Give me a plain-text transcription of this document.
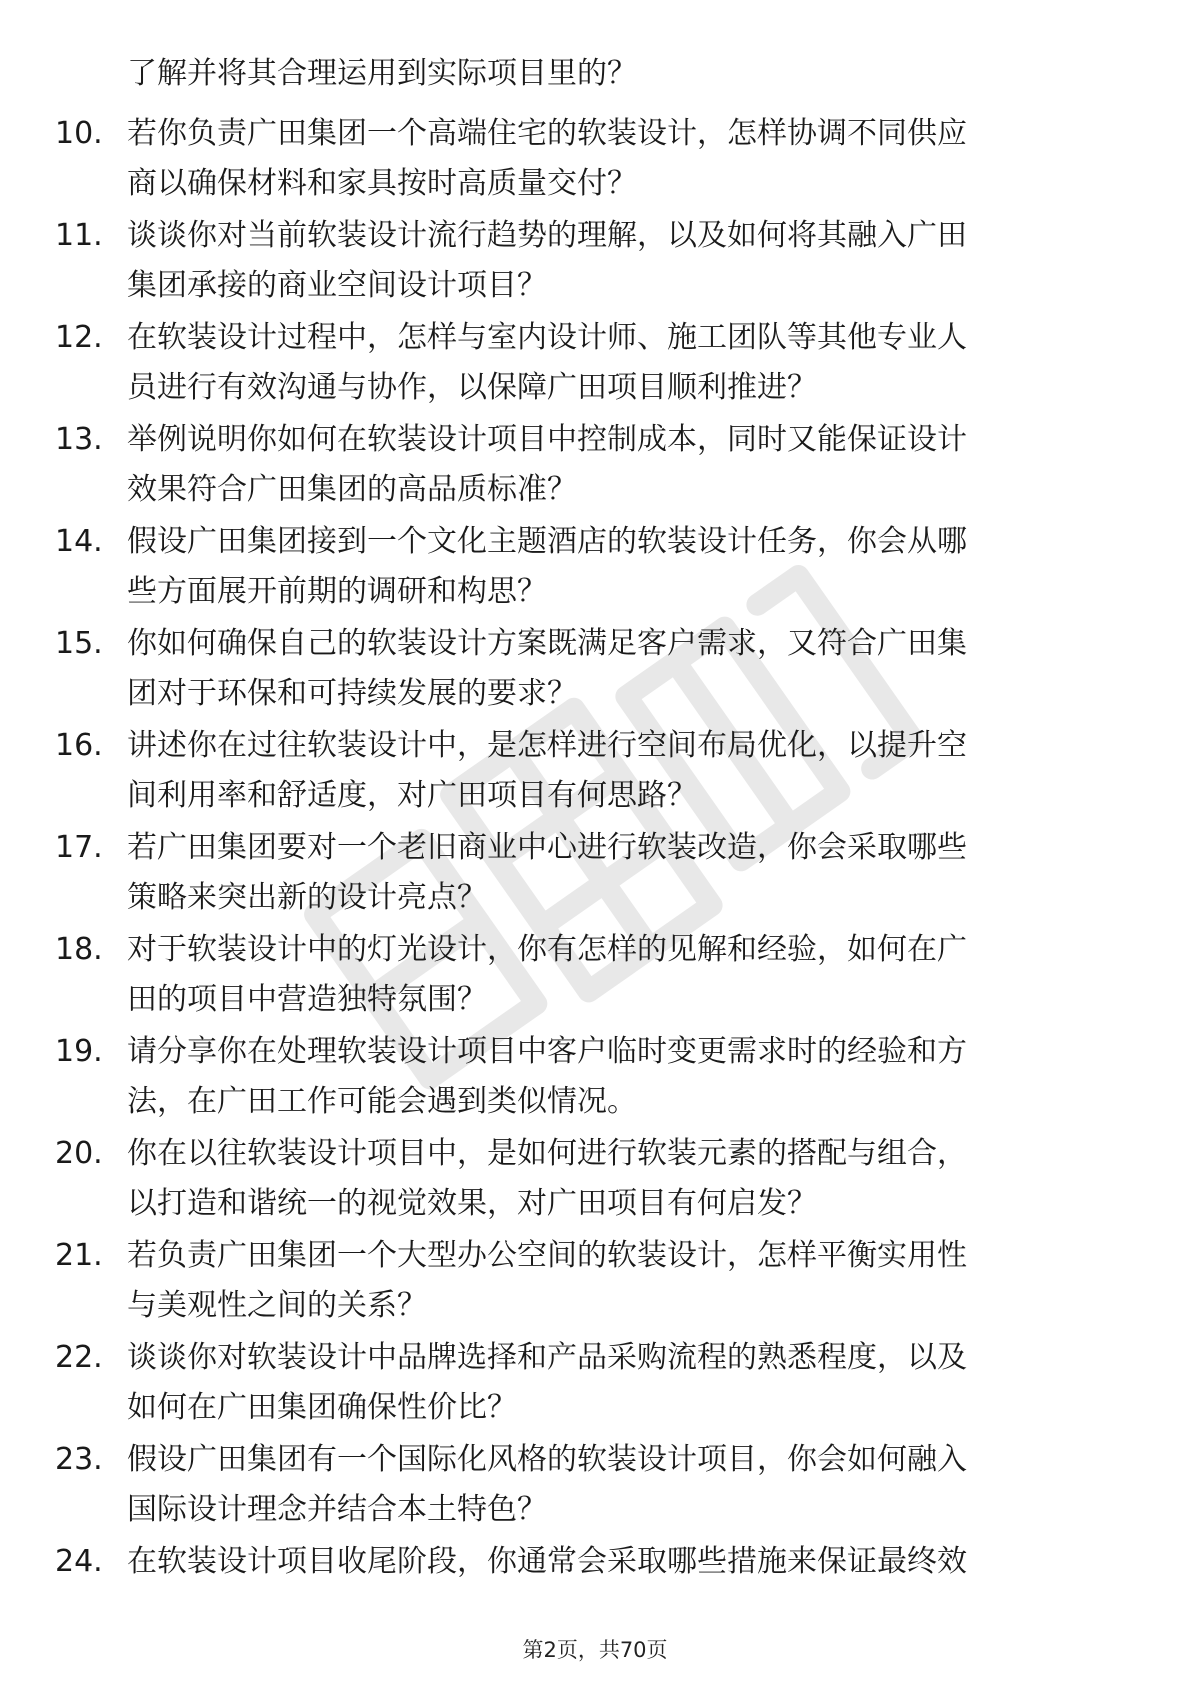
了解并将其合理运用到实际项目里的？
10. 若你负责广田集团一个高端住宅的软装设计，怎样协调不同供应
商以确保材料和家具按时高质量交付？
11. 谈谈你对当前软装设计流行趋势的理解，以及如何将其融入广田
集团承接的商业空间设计项目？
12. 在软装设计过程中，怎样与室内设计师、施工团队等其他专业人
员进行有效沟通与协作，以保障广田项目顺利推进？
13. 举例说明你如何在软装设计项目中控制成本，同时又能保证设计
效果符合广田集团的高品质标准？
14. 假设广田集团接到一个文化主题酒店的软装设计任务，你会从哪
些方面展开前期的调研和构思？
15. 你如何确保自己的软装设计方案既满足客户需求，又符合广田集
团对于环保和可持续发展的要求？
16. 讲述你在过往软装设计中，是怎样进行空间布局优化，以提升空
间利用率和舒适度，对广田项目有何思路？
17. 若广田集团要对一个老旧商业中心进行软装改造，你会采取哪些
策略来突出新的设计亮点？
18. 对于软装设计中的灯光设计，你有怎样的见解和经验，如何在广
田的项目中营造独特氛围？
19. 请分享你在处理软装设计项目中客户临时变更需求时的经验和方
法，在广田工作可能会遇到类似情况。
20. 你在以往软装设计项目中，是如何进行软装元素的搭配与组合，
以打造和谐统一的视觉效果，对广田项目有何启发？
21. 若负责广田集团一个大型办公空间的软装设计，怎样平衡实用性
与美观性之间的关系？
22. 谈谈你对软装设计中品牌选择和产品采购流程的熟悉程度，以及
如何在广田集团确保性价比？
23. 假设广田集团有一个国际化风格的软装设计项目，你会如何融入
国际设计理念并结合本土特色？
24. 在软装设计项目收尾阶段，你通常会采取哪些措施来保证最终效
第2页，共70页
